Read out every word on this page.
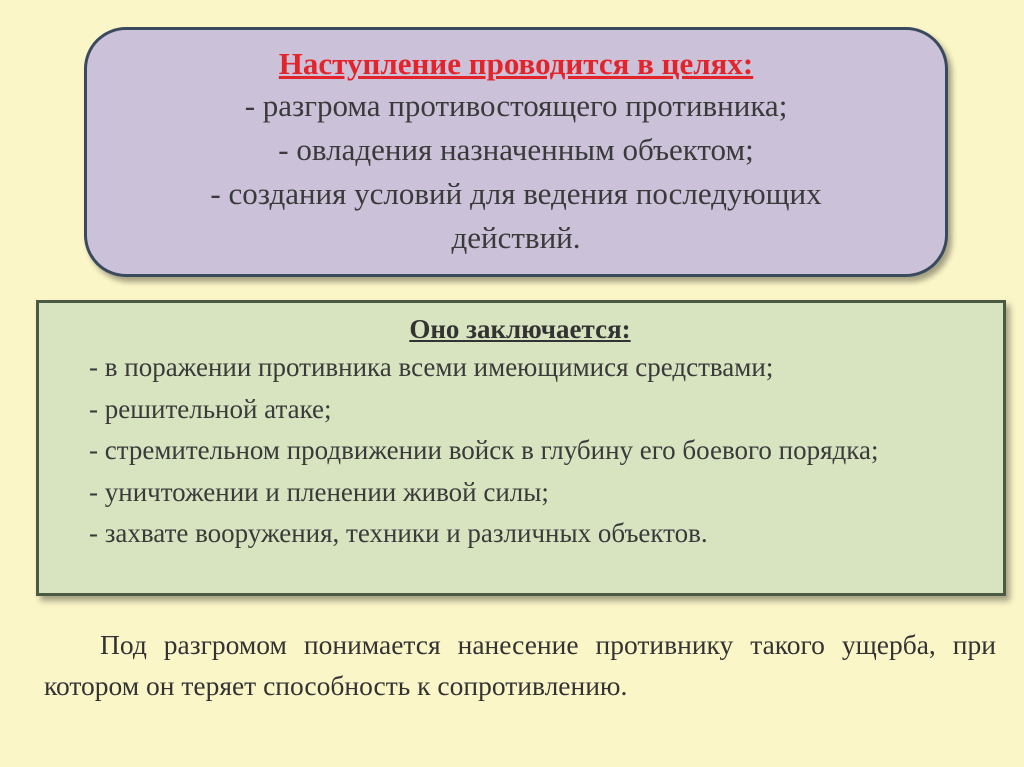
Наступление проводится в целях:
- разгрома противостоящего противника;
- овладения назначенным объектом;
- создания условий для ведения последующих
действий.
Оно заключается:
- в поражении противника всеми имеющимися средствами;
- решительной атаке;
- стремительном продвижении войск в глубину его боевого порядка;
- уничтожении и пленении живой силы;
- захвате вооружения, техники и различных объектов.
Под разгромом понимается нанесение противнику такого ущерба, при котором он теряет способность к сопротивлению.
